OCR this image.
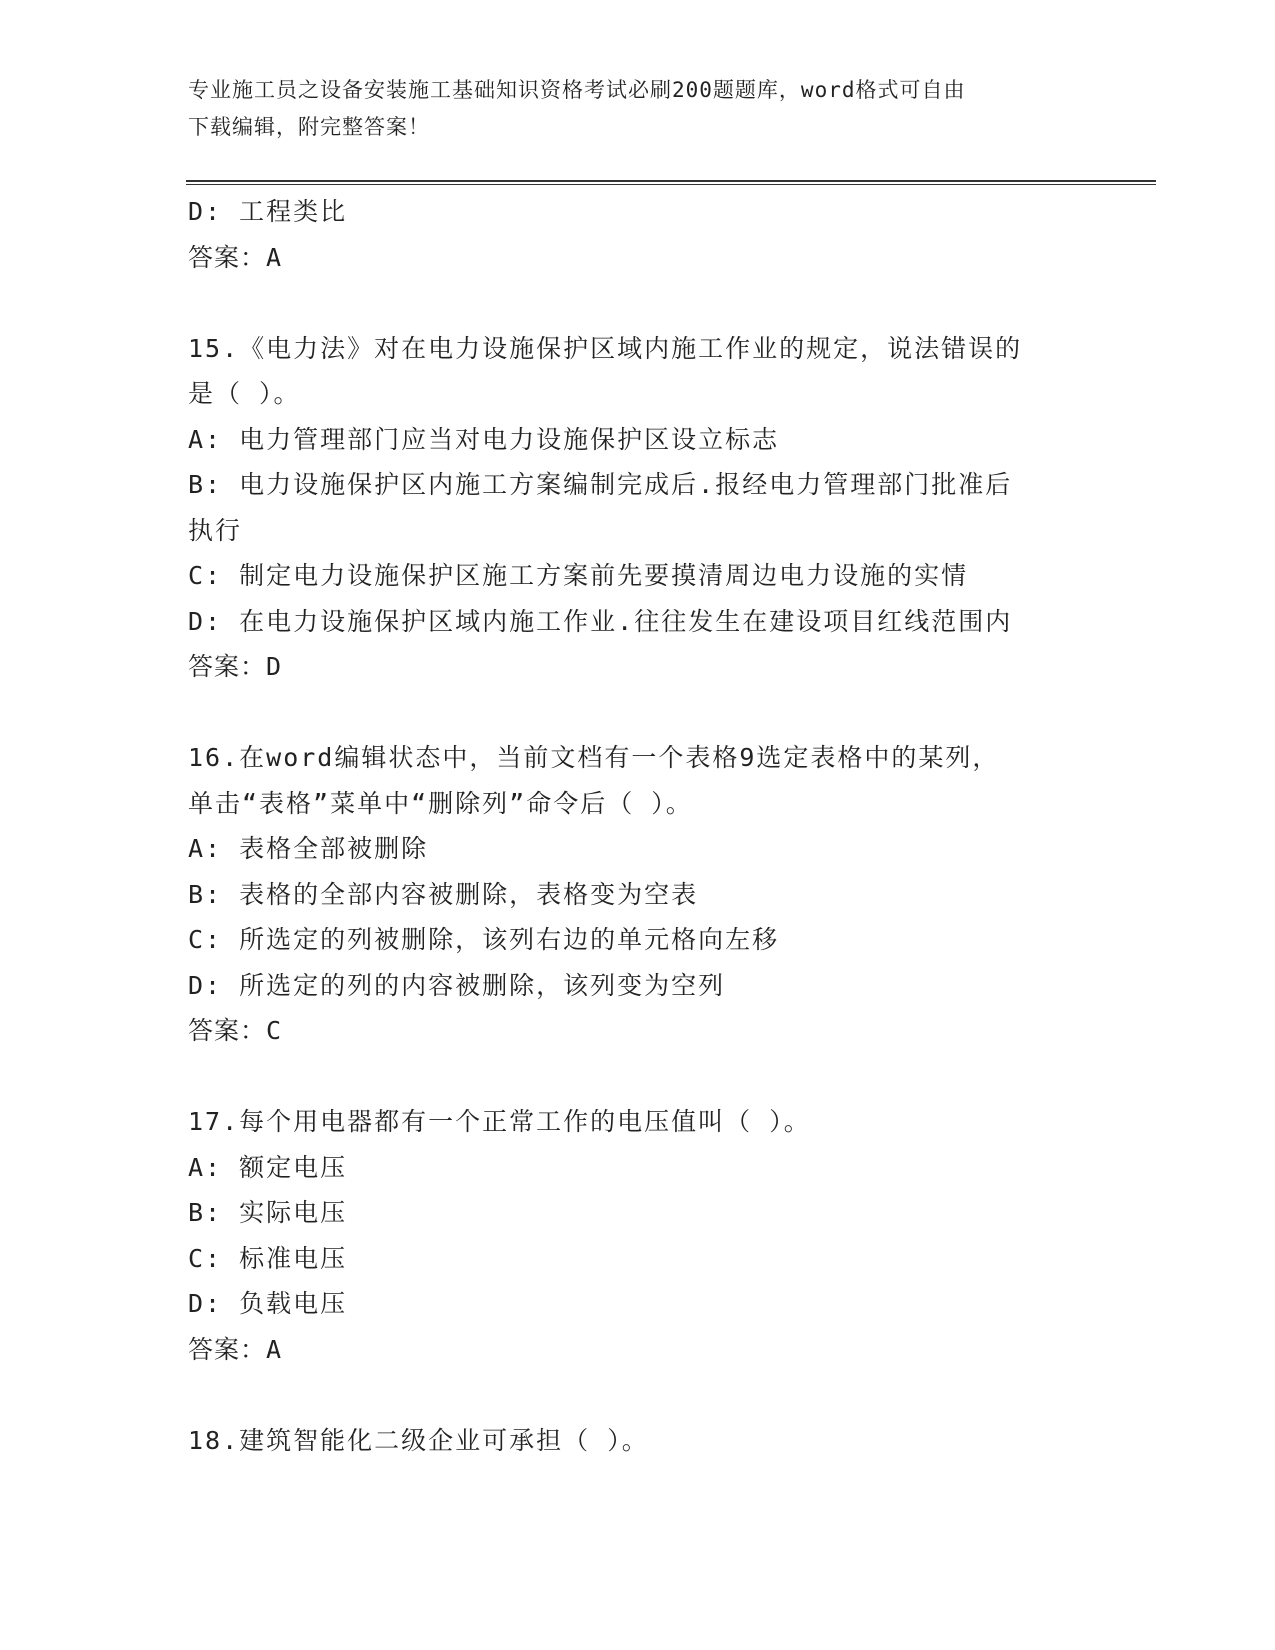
专业施工员之设备安装施工基础知识资格考试必刷200题题库，word格式可自由
下载编辑，附完整答案！
D: 工程类比
答案：A
15.《电力法》对在电力设施保护区域内施工作业的规定，说法错误的
是（ ）。
A: 电力管理部门应当对电力设施保护区设立标志
B: 电力设施保护区内施工方案编制完成后.报经电力管理部门批准后
执行
C: 制定电力设施保护区施工方案前先要摸清周边电力设施的实情
D: 在电力设施保护区域内施工作业.往往发生在建设项目红线范围内
答案：D
16.在word编辑状态中，当前文档有一个表格9选定表格中的某列，
单击“表格”菜单中“删除列”命令后（ ）。
A: 表格全部被删除
B: 表格的全部内容被删除，表格变为空表
C: 所选定的列被删除，该列右边的单元格向左移
D: 所选定的列的内容被删除，该列变为空列
答案：C
17.每个用电器都有一个正常工作的电压值叫（ ）。
A: 额定电压
B: 实际电压
C: 标准电压
D: 负载电压
答案：A
18.建筑智能化二级企业可承担（ ）。
